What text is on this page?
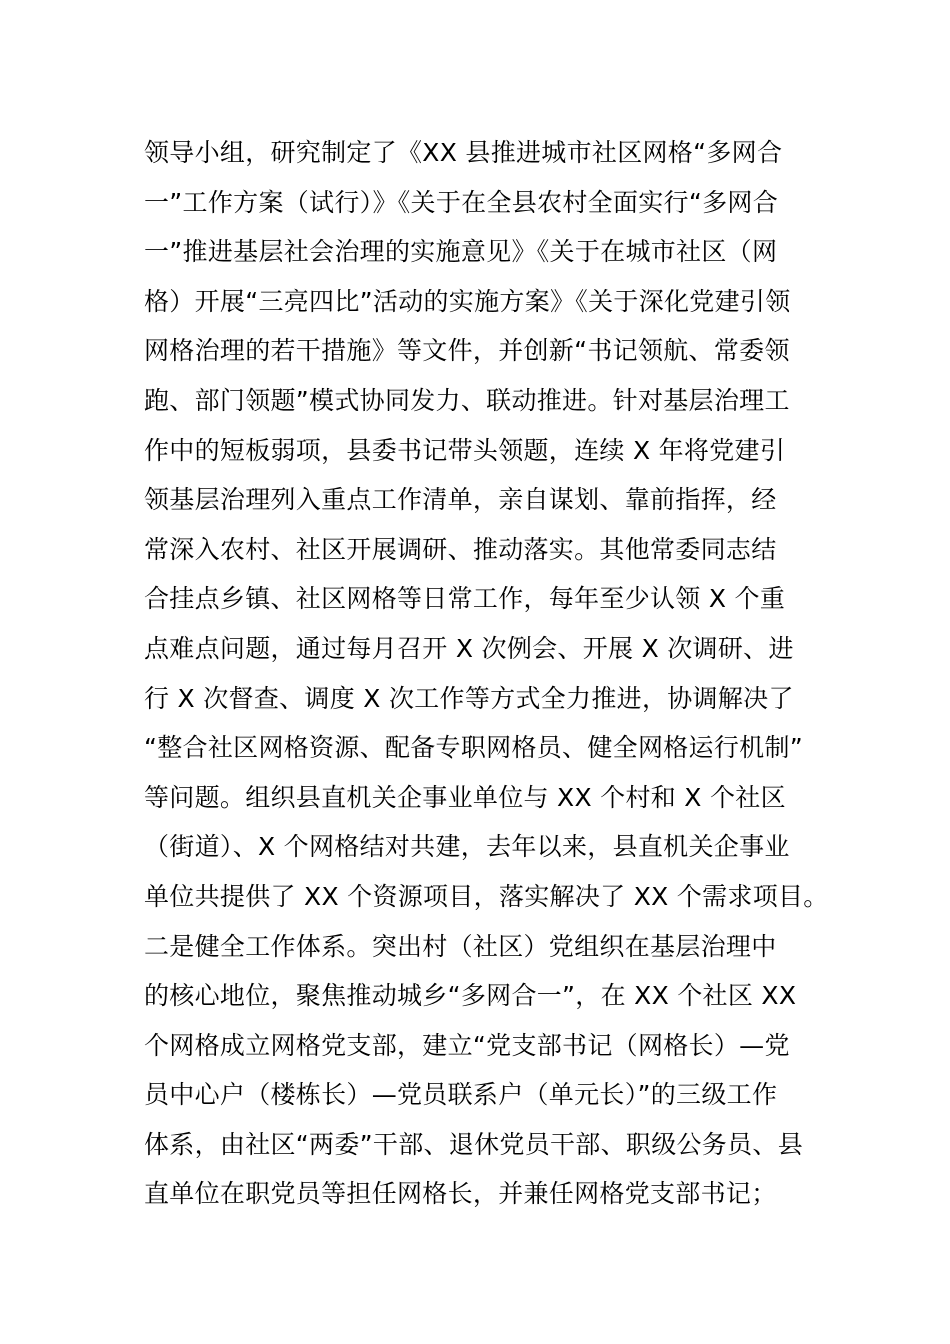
领导小组，研究制定了《XX 县推进城市社区网格“多网合
一”工作方案（试行）》《关于在全县农村全面实行“多网合
一”推进基层社会治理的实施意见》《关于在城市社区（网
格）开展“三亮四比”活动的实施方案》《关于深化党建引领
网格治理的若干措施》等文件，并创新“书记领航、常委领
跑、部门领题”模式协同发力、联动推进。针对基层治理工
作中的短板弱项，县委书记带头领题，连续 X 年将党建引
领基层治理列入重点工作清单，亲自谋划、靠前指挥，经
常深入农村、社区开展调研、推动落实。其他常委同志结
合挂点乡镇、社区网格等日常工作，每年至少认领 X 个重
点难点问题，通过每月召开 X 次例会、开展 X 次调研、进
行 X 次督查、调度 X 次工作等方式全力推进，协调解决了
“整合社区网格资源、配备专职网格员、健全网格运行机制”
等问题。组织县直机关企事业单位与 XX 个村和 X 个社区
（街道）、X 个网格结对共建，去年以来，县直机关企事业
单位共提供了 XX 个资源项目，落实解决了 XX 个需求项目。
二是健全工作体系。突出村（社区）党组织在基层治理中
的核心地位，聚焦推动城乡“多网合一”，在 XX 个社区 XX
个网格成立网格党支部，建立“党支部书记（网格长）—党
员中心户（楼栋长）—党员联系户（单元长）”的三级工作
体系，由社区“两委”干部、退休党员干部、职级公务员、县
直单位在职党员等担任网格长，并兼任网格党支部书记；
